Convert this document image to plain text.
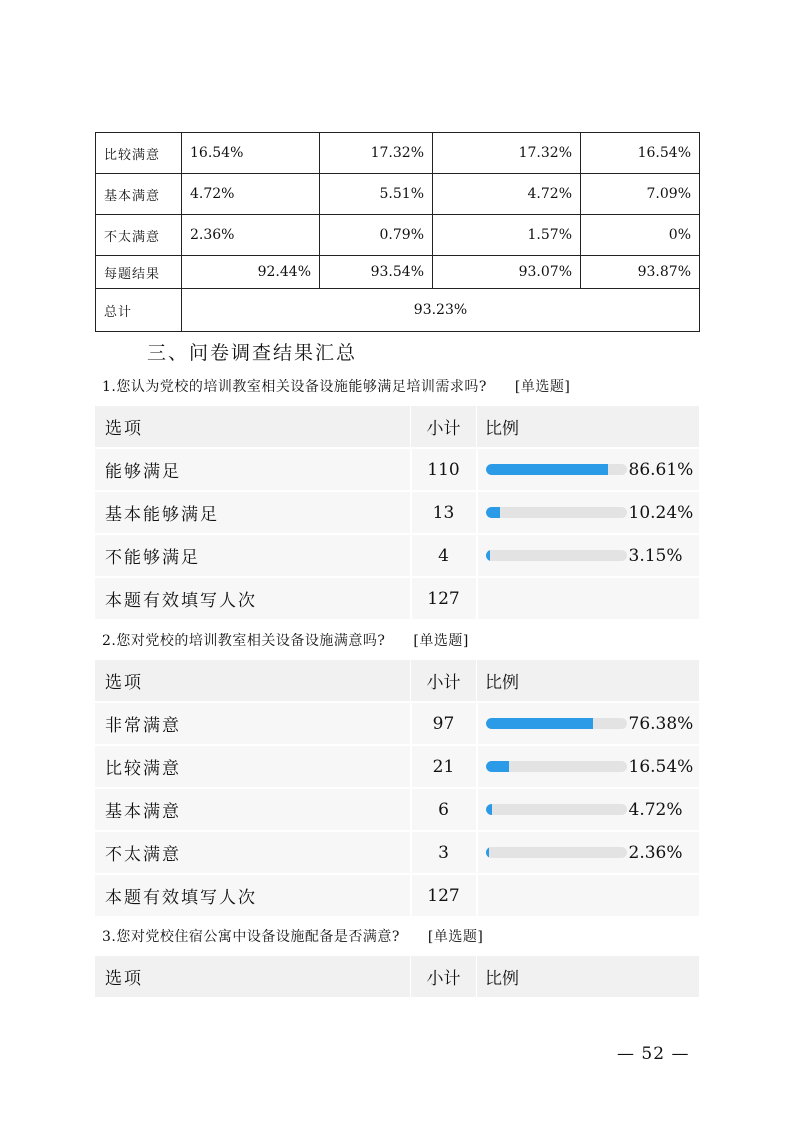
比较满意	16.54%	17.32%	17.32%	16.54%
基本满意	4.72%	5.51%	4.72%	7.09%
不太满意	2.36%	0.79%	1.57%	0%
每题结果	92.44%	93.54%	93.07%	93.87%
总计	93.23%			
三、问卷调查结果汇总
1.您认为党校的培训教室相关设备设施能够满足培训需求吗? [单选题]
选项	小计	比例
能够满足	110	86.61%

基本能够满足	13	10.24%

不能够满足	4	3.15%

本题有效填写人次	127	
2.您对党校的培训教室相关设备设施满意吗? [单选题]
选项	小计	比例
非常满意	97	76.38%

比较满意	21	16.54%

基本满意	6	4.72%

不太满意	3	2.36%

本题有效填写人次	127	
3.您对党校住宿公寓中设备设施配备是否满意? [单选题]
选项	小计	比例
— 52 —
